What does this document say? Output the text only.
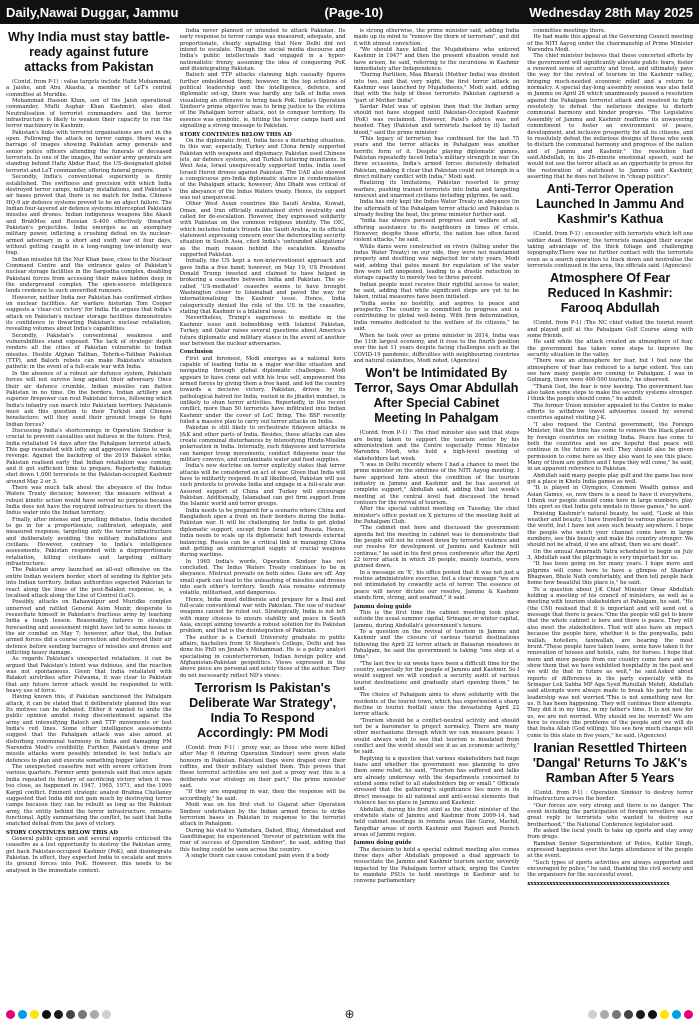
Daily,Nawai Duggar, Jammu	(Page-10)	Wednesday 28th May 2025
Why India must stay battle-ready against future attacks from Pakistan

(Contd. from P-1) : value targets include Hafiz Mohammad, a Jaishe, and Abu Akasha, a member of LeT's central committee at Muridke.

Mohammad Hasson Khan, son of the Jaish operational commander, Mufti Asghar Khan Kashmiri, also died. Neutralisation of terrorist commanders and the terror infrastructure is likely to weaken their capacity to run the terror machinery in Kashmir.

Pakistan's links with terrorist organisations are out in the open. Following the attack on terror camps, there was a barrage of images showing Pakistan army generals and senior police officers attending the funerals of deceased terrorists. In one of the images, the senior army generals are standing behind Hafiz Abdur Rauf, the US-designated global terrorist and LeT commander, offering funeral prayers.

Secondly, India's conventional superiority is firmly established. The swiftness and precision with which India destroyed terror camps, military installations, and Pakistan's air bases proved that there is no match for India. Chinese HQ-9 air defence systems proved to be an abject failure. The Indian four-layered air defence systems intercepted Pakistani missiles and drones. Indian indigenous weapons like Akash and BrahMos and Russian S-400 effectively thwarted Pakistan's projectiles. India emerges as an exemplary military power, inflicting a crushing defeat on its nuclear-armed adversary in a short and swift war of four days, without getting caught in a long-ranging low-intensity war trap.

Indian missiles hit the Nur Khan base, close to the Nuclear Command Centre and the entrance gates of Pakistan's nuclear storage facilities in the Sargodha complex, disabling Pakistani forces from accessing their nukes hidden deep in the underground complex. The open-source intelligence lends credence to such unverified rumours.

However, neither India nor Pakistan has confirmed strikes on nuclear facilities. Air warfare historian Tom Cooper suggests a 'clear-cut victory' for India. He argues that India's attack on Pakistan's nuclear storage facilities demonstrates its confidence in thwarting Pakistan's nuclear retaliation, revealing volumes about India's capabilities.

Secondly, Pakistan's conventional weakness and vulnerabilities stand exposed. The lack of strategic depth renders all the cities of Pakistan vulnerable to Indian missiles. Hostile Afghan Taliban, Tehrik-e-Taliban Pakistan (TTP), and Baloch rebels can make Pakistan's situation pathetic in the event of a full-scale war with India.

In the absence of a robust air defence system, Pakistani forces will not survive long against their adversary. Once their air defence crumble, Indian missiles can flatten Pakistan in no time. On the borders, Indian artillery and superior firepower can rout Pakistani forces, following which India's infantry can march into Pakistani territory. Pakistanis must ask this question to their Turkish and Chinese benefactors: will they send their ground troops to fight Indian forces?

Discussing India's shortcomings in Operation Sindoor is crucial to prevent casualties and failures in the future. First, India retaliated 14 days after the Pahalgam terrorist attack. This gap resonated with lofty and aggressive claims to seek revenge. Against the backdrop of the 2019 Balakot strike, Pakistan realised early that Indian retaliation was coming, and it got sufficient time to prepare. Reportedly, Pakistan shot down 1,000 terrorists in the Pakistan-occupied Kashmir around May 2 or 3.

There was much talk about the abeyance of the Indus Waters Treaty decision; however, the measure without a robust kinetic action would have served no purpose because India does not have the required infrastructure to divert the Indus water into the Indian territory.

Finally, after intense and gruelling debates, India decided to go in for a proportionate, calibrated, adequate, and measured response, targeting only the terror infrastructure and deliberately avoiding the military installations and civilians. However, contrary to India's intelligence assessments, Pakistan responded with a disproportionate retaliation, killing civilians and targeting military infrastructure.

The Pakistan army launched an all-out offensive on the entire Indian western border, short of sending its fighter jets into Indian territory. Indian authorities expected Pakistan to react along the lines of the post-Balakot response, ie, a localised attack along the Line of Control (LoC).

Possibly, attacks on Bahawalpur and Muridke complex unnerved and rattled General Asim Munir, desperate to resuscitate himself in Pakistan's fractious army by teaching India a tough lesson. Reasonably, failures in strategic forecasting and assessment might have led to some losses in the air combat on May 7; however, after that, the Indian armed forces did a course correction and destroyed their air defence before sending barrages of missiles and drones and inflicting heavy damage.

As regards Pakistan's unexpected retaliation, it can be argued that Pakistan's intent was dubious, and the reaction was not spontaneous. Given that India retaliated with Balakot airstrikes after Pulwama, it was clear to Pakistan that any future terror attack would be responded to with heavy use of force.

Having known this, if Pakistan sanctioned the Pahalgam attack, it can be stated that it deliberately planned this war. Its motives can be debated. Either it wanted to unite the public opinion amidst rising discontentment against the army and intensifying Baloch and TTP movements or test India's red lines. Some other intelligence assessments suggest that the Pahalgam attack was also aimed at disturbing communal harmony in India and damaging PM Narendra Modi's credibility. Further, Pakistan's drone and missile attacks were possibly intended to test India's air defences to plan and execute something bigger later.

The unexpected ceasefire met with severe criticism from various quarters. Former army generals said that once again India repeated its history of sacrificing victory when it was too close, as happened in 1947, 1965, 1971, and the 1999 Kargil conflict. Eminent strategic analyst Brahma Chellaney suggested that India did not gain much by destroying terror camps because they can be rebuilt as long as the Pakistan army, the entity behind the terror infrastructure, remains functional. Aptly summarising the conflict, he said that India snatched defeat from the jaws of victory.

STORY CONTINUES BELOW THIS AD

General public opinion and several experts criticised the ceasefire as a lost opportunity to destroy the Pakistan army, get back Pakistan-occupied Kashmir (PoK), and disintegrate Pakistan. In effect, they expected India to escalate and move its ground forces into PoK. However, this needs to be analysed in the immediate context.

India never planned or intended to attack Pakistan. Its early response to terror camps was measured, adequate, and proportionate, clearly signalling that New Delhi did not intend to escalate. Though the social media discourse and India's public intellectuals had engaged in a hyper-nationalistic frenzy, assuming the idea of conquering PoK and disintegrating Pakistan.

Baloch and TTP attacks claiming high casualty figures further emboldened them; however, in the top echelons of political leadership and the intelligence, defence, and diplomatic set-up, there was hardly any talk of India even visualising an offensive to bring back PoK. India's Operation Sindoor's prime objective was to bring justice to the victims of the Pahalgam terror attack, not to conquer territory. Its essence was symbolic, ie, hitting the terror camps hard and signalling a strong message to Pakistan.

STORY CONTINUES BELOW THIS AD

On the diplomatic front, India faces a disturbing situation. In this war, especially, Turkey and China firmly supported Pakistan with weapons and diplomacy. Pakistan used Chinese jets, air defence systems, and Turkish loitering munitions. In West Asia, Israel unequivocally supported India. India used Israeli Heron drones against Pakistan. The UAE also showed a conspicuous pro-India diplomatic stance in condemnation of the Pahalgam attack; however, Abu Dhabi was critical of the abeyance of the Indus Waters treaty. Hence, its support was not unequivocal.

Other West Asian countries like Saudi Arabia, Kuwait, Oman, and Iran officially maintained strict neutrality and called for de-escalation. However, they expressed solidarity with Pakistan on the common religious identity. The OIC, which includes India's friends like Saudi Arabia, in its official statement expressing concern over the deteriorating security situation in South Asia, cited India's 'unfounded allegations' as the main reason behind the escalation. Kuwaitis supported Pakistan.

Initially, the US kept a non-interventionist approach and gave India a free hand; however, on May 10, US President Donald Trump tweeted and claimed to have helped in brokering a ceasefire between India and Pakistan. The so-called 'US-mediated' ceasefire seems to have brought Washington closer to Islamabad and paved the way for internationalising the Kashmir issue. Hence, India categorically denied the role of the US in the ceasefire, stating that Kashmir is a bilateral issue.

Nevertheless, Trump's eagerness to mediate in the Kashmir issue and hobnobbing with Islamist Pakistan, Turkey, and Qatar raises several questions about America's future diplomatic and military stance in the event of another war between the nuclear adversaries.

Conclusion

First and foremost, Modi emerges as a national hero capable of leading India in a major war-like situation and navigating through global diplomatic challenges. Modi appears to have come out with his true self, empowered the armed forces by giving them a free hand, and led the country towards a decisive victory. Pakistan, driven by its pathological hatred for India, rooted in its jihadist mindset, is unlikely to shun terror activities. Reportedly, in the recent conflict, more than 50 terrorists have infiltrated into Indian Kashmir under the cover of LoC firing. The BSF recently foiled a massive plan to carry out terror attacks on India.

Pakistan is still likely to orchestrate fidayeen attacks in J&K and other parts of India. Besides, these attacks can also create communal disturbances by intensifying Hindu-Muslim polarisation in India. Internally, such fidayeens and terrorists can hamper troop movements, conduct fidayeens near the military convoys, and contaminate water and food supplies.

India's new doctrine on terror explicitly states that terror attacks will be considered an act of war. Given that India will have to militarily respond. In all likelihood, Pakistan will use such pretexts to provoke India and engage in a full-scale war. Assured support of China and Turkey will encourage Pakistan. Additionally, Islamabad can get firm support from the Islamic world and terror groups.

India needs to be prepared for a scenario where China and Bangladesh open a front on their borders during the India-Pakistan war. It will be challenging for India to get global diplomatic support, except from Israel and Russia. Hence, India needs to scale up its diplomatic heft towards external balancing. Russia can be a critical link in managing China and getting an uninterrupted supply of crucial weapons during wartime.

In 1965 India's words, Operation Sindoor has not concluded. The Indus Waters Treaty continues to be in abeyance. Mistrust prevails on both sides. Guns are off. Any small spark can lead to the unleashing of missiles and drones into each other's territory. South Asia remains extremely volatile, militarised, and dangerous.

Hence, India must deliberate and prepare for a final and full-scale conventional war with Pakistan. The use of nuclear weapons cannot be ruled out. Strategically, India is not left with many choices to ensure stability and peace in South Asia, except aiming towards a robust solution for its Pakistan problem, and that is the disintegration of Pakistan.

The author is a Cornell University graduate in public affairs, bachelors from St Stephen's College, Delhi and has done his PhD on Jinnah's Mohammad. He is a policy analyst specialising in counterterrorism, Indian foreign policy and Afghanistan-Pakistan geopolitics. Views expressed in the above piece are personal and solely those of the author. They do not necessarily reflect ND's views.

Terrorism Is Pakistan's Deliberate War Strategy', India To Respond Accordingly: PM Modi

(Contd. from P-1) : proxy war, as those who were killed after May 6 (during Operation Sindoor) were given state honours in Pakistan. Pakistani flags were draped over their coffins, and their military saluted them. This proves that these terrorist activities are not just a proxy war, this is a deliberate war strategy on their part," the prime minister said.

"If they are engaging in war, then the response will be accordingly," he said.

Modi was on his first visit to Gujarat after Operation Sindoor undertaken by the Indian armed forces to strike terrorism bases in Pakistan in response to the terrorist attack in Pahalgam.

During his visit to Vadodara, Dahod, Bhuj, Ahmedabad and Gandhinagar, he experienced "fervour of patriotism with the roar of success of Operation Sindoor", he said, adding that this feeling could be seen across the country.

A single thorn can cause constant pain even if a body

is strong otherwise, the prime minister said, adding India made up its mind to "remove the thorn of terrorism", and did it with utmost conviction.

"We should have killed the Mujahideens who entered Kashmir in 1947" and then the present situation would not have arisen, he said, referring to the incursions in Kashmir immediately after Independence.

"During Partition, Maa Bharati (Mother India) was divided into two, and that very night, the first terror attack on Kashmir was launched by Mujahideens," Modi said, adding that with the help of these terrorists Pakistan captured a "part of Mother India".

Sardar Patel was of opinion then that the Indian army should not have stopped until Pakistan-Occupied Kashmir (PoK) was reclaimed. However, Patel's advice was not heeded. They (Pakistan and terrorists backed by it) tasted blood," said the prime minister.

"This legacy of terrorism has continued for the last 75 years and the terror attacks in Pahalgam was another horrific form of it. Despite playing diplomatic games, Pakistan repeatedly faced India's military strength in war. On three occasions, India's armed forces decisively defeated Pakistan, making it clear that Pakistan could not triumph in a direct military conflict with India," Modi said.

Realizing its limitations, Pakistan resorted to proxy warfare, pushing trained terrorists into India and targeting innocent and unarmed civilians including pilgrims, he said.

India has only kept the Indus Water Treaty in abeyance (in the aftermath of the Pahalgam terror attack) and Pakistan is already feeling the heat, the prime minister further said.

"India has always pursued progress and welfare of all, offering assistance to its neighbours in times of crisis. However, despite these efforts, the nation has often faced violent attacks," he said.

While dams were constructed on rivers (falling under the Indus Water Treaty) on our side, they were not maintained properly and desilting was neglected for sixty years, Modi said, adding that gates meant for regulation of the water flow were left unopened, leading to a drastic reduction in storage capacity to merely two to three percent.

Indian people must receive their rightful access to water, he said, adding that while significant steps are yet to be taken, initial measures have been initiated.

"India seeks no hostility, and aspires to peace and prosperity. The country is committed to progress and is contributing to global well-being. With firm determination, India remains dedicated to the welfare of its citizens," he said.

When he took over as prime minister in 2014, India was the 11th largest economy, and it rose to the fourth position over the last 11 years despite facing challenges such as the COVID-19 pandemic, difficulties with neighbouring countries and natural calamities, Modi noted. (Agencies)

Won't be Intimidated By Terror, Says Omar Abdullah After Special Cabinet Meeting In Pahalgam

(Contd. from P-1) : The chief minister also said that steps are being taken to support the tourism sector by his administration and the Centre especially Prime Minister Narendra Modi, who held a high-level meeting of stakeholders last week.

"I was in Delhi recently where I had a chance to meet the prime minister on the sidelines of the NITI Aayog meeting. I have apprised him about the condition of the tourism industry in Jammu and Kashmir and he has assured of complete support," Abdullah said, adding that last week's meeting at the central level had discussed the broad contours for the revival of tourism.

After the special cabinet meeting on Tuesday, the chief minister's office posted on X pictures of the meeting held at the Pahalgam Club.

"The cabinet met here and discussed the government agenda but the meeting in cabinet was to demonstrate that the people will not be cowed down by terrorist violence and our resolve for development of Jammu and Kashmir will continue," he said in his first press conference after the April 22 terror attack in which 26 people, mainly tourists, were gunned down.

In a message on 'X', his office posted that it was not just a routine administrative exercise, but a clear message "we are not intimidated by cowardly acts of terror. The essence of peace will never dictate our resolve, Jammu & Kashmir stands firm, strong, and unafraid," it said.

Jammu doing guide

This is the first time the cabinet meeting took place outside the usual summer capital, Srinagar, or winter capital, Jammu, during Abdullah's government's tenure.

To a question on the revival of tourism in Jammu and Kashmir and the closure of various tourist destinations following the April 22 terror attack in Baisaran meadows in Pahalgam, he said the government is taking "one step at a time".

"The last five to six weeks have been a difficult time for the country, especially for the people of Jammu and Kashmir. So I would suggest we will conduct a security audit of various tourist destinations and gradually start opening them," he said.

The choice of Pahalgam aims to show solidarity with the residents of the tourist town, which has experienced a sharp decline in tourist footfall since the devastating April 22 terror attack.

"Tourism should be a conflict-neutral activity and should not be a barometer to project normalcy. There are many other mechanisms through which we can measure peace. I would always wish to see that tourism is insulated from conflict and the world should see it as an economic activity," he said.

Replying to a question that various stakeholders had huge loans and whether the government was planning to give them some relief, he said, "Tourism has suffered and talks are already underway with the departments concerned to extend some relief to all stakeholders big or small." Officials stressed that the gathering's significance lies more in its direct message to all national and anti-social elements that violence has no place in Jammu and Kashmir.

Abdullah, during his first stint as the chief minister of the erstwhile state of Jammu and Kashmir from 2009-14, had held cabinet meetings in remote areas like Gurez, Machil, Tangdhar areas of north Kashmir and Rajouri and Poonch areas of Jammu region.

Jammu doing guide

The decision to hold a special cabinet meeting also comes three days after Abdullah proposed a dual approach to resuscitate the Jammu and Kashmir tourism sector, severely impacted by the Pahalgam terror attack, urging the Centre to mandate PSUs to hold meetings in Kashmir and to convene parliamentary

committee meetings there.

He had made this appeal at the Governing Council meeting of the NITI Aayog under the chairmanship of Prime Minister Narendra Modi.

The chief minister believes that these concerted efforts by the government will significantly alleviate public fears, foster a renewed sense of security and trust, and ultimately pave the way for the revival of tourism in the Kashmir valley, bringing much-needed economic relief and a return to normalcy. A special day-long assembly session was also held in Jammu on April 28 which unanimously passed a resolution against the Pahalgam terrorist attack and resolved to fight resolutely to defeat the nefarious designs to disturb communal harmony and hinder progress. "The Legislative Assembly of Jammu and Kashmir reaffirms its unwavering commitment to foster an environment of peace, development, and inclusive prosperity for all its citizens, and to resolutely defeat the nefarious designs of those who seek to disturb the communal harmony and progress of the nation and of Jammu and Kashmir," the resolution had said.Abdullah, in his 26-minute emotional speech, said he would not use the terror attack as an opportunity to press for the restoration of statehood to Jammu and Kashmir, asserting that he does not believe in "cheap politics".

Anti-Terror Operation Launched In Jammu And Kashmir's Kathua

(Contd. from P-1) : encounter with terrorists which left one soldier dead. However, the terrorists managed their escape taking advantage of the thick foliage and challenging topography.There was no further contact with the terrorists even as a search operation to track down and neutralise the terrorists continued in the area, the officials said. (Agencies)

Atmosphere Of Fear Reduced In Kashmir: Farooq Abdullah

(Contd. from P-1) :The NC chief visited the tourist resort and played golf at the Pahalgam Golf Course along with some friends.

He said while the attack created an atmosphere of fear, the government has taken some steps to improve the security situation in the valley.

"There was an atmosphere for fear, but I feel now the atmosphere of fear has reduced to a large extent. You can see how many people are coming to Pahalgam. I was in Gulmarg, there were 400-500 tourists," he observed.

"Thank God, the fear is now leaving. The government has also taken some steps to make the security systems stronger. I think the people should come," he added.

The former Union minister appealed to the Centre to make efforts to withdraw travel advisories issued by several countries against visiting J-K.

"I also request the Central government, the Foreign Minister, that the time has come to remove the black placed by foreign countries on visiting India. Peace has come to both the countries and we are hopeful that peace will continue in the future as well. They should also be given permission to come here as they also want to see this place. Many of them are golfers and I hope they will come," he said, in an apparent reference to Pakistan.

Abdullah said many people play golf and the game has now got a place in Khelo India games as well.

"It is played in Olympics, Common Wealth games and Asian Games, so, now there is a need to have it everywhere. I think our people should come here in large numbers, play this sport so that India gets medals in these games," he said.

Praising Kashmir's natural beauty, he said, "Look at this weather and beauty, I have travelled to various places across the world, but I have not seen such beauty anywhere. I hope the people who watch your channel come here in large numbers, see this beauty and make the country stronger. We should not be afraid, if we are afraid, then we are dead".

On the annual Amarnath Yatra scheduled to begin on July 3, Abdullah said the pilgrimage is very important for us.

"It has been going on for many years. I hope more and pilgrims will come here to have a glimpse of Shankar Bhagwan, Bhole Nath comfortably, and then tell people back home how beautiful this place is," he said.

To a question about J-K Chief Minister Omar Abdullah holding a meeting of his council of ministers, as well as a meeting with tourism stakeholders at Pahalgam, he said, "He (the CM) realised that it is important and will send out a message that there is peace."One the people will get to know that the whole cabinet is here and there is peace. They will also meet the stakeholders. That will also have an impact because the people here, whether it is the ponywalla, pahi wallah, hoteliers, taxiwallah, are bearing the most brunt."These people have taken loans, some have taken it for renovation of houses and hotels, cabs, for horses. I hope that more and more people from our country come here and we show them that we have exhibited hospitality in the past and we will do that in future as well," he said.Asked about reports of differences in the party especially with its Srinagar Lok Sabha MP Aga Syed Ruhullah Mehdi, Abdullah said attempts were always made to break his party but the leadership was not worried."This is not something new for us. It has been happening. They will continue their attempts. They did it in my time, in my father's time. It is not new for us, we are not worried. Why should we be worried? We are here to resolve the problems of the people and we will do that Insha Allah (God willing). You see how much change will come to this state in five years," he said. (Agencies)

Iranian Resettled Thirteen 'Dangal' Returns To J&K's Ramban After 5 Years

(Contd. from P-1) : Operation Sindoor to destroy terror infrastructure across the border.

"Our forces are very strong and there is no danger. The event including the participation of foreign wrestlers was a great reply to terrorists who wanted to destroy our brotherhood," the National Conference legislator said.

He asked the local youth to take up sports and stay away from drugs.

Ramban Senior Superintendent of Police, Kulbir Singh, expressed happiness over the large attendance of the people at the event.

"Such types of sports activities are always supported and encouraged by police," he said, thanking the civil society and the organisers for the successful event.

xxxxxxxxxxxxxxxxxxxxxxxxxxxxxxxxxxxxxxxxxxxxx

⊕
